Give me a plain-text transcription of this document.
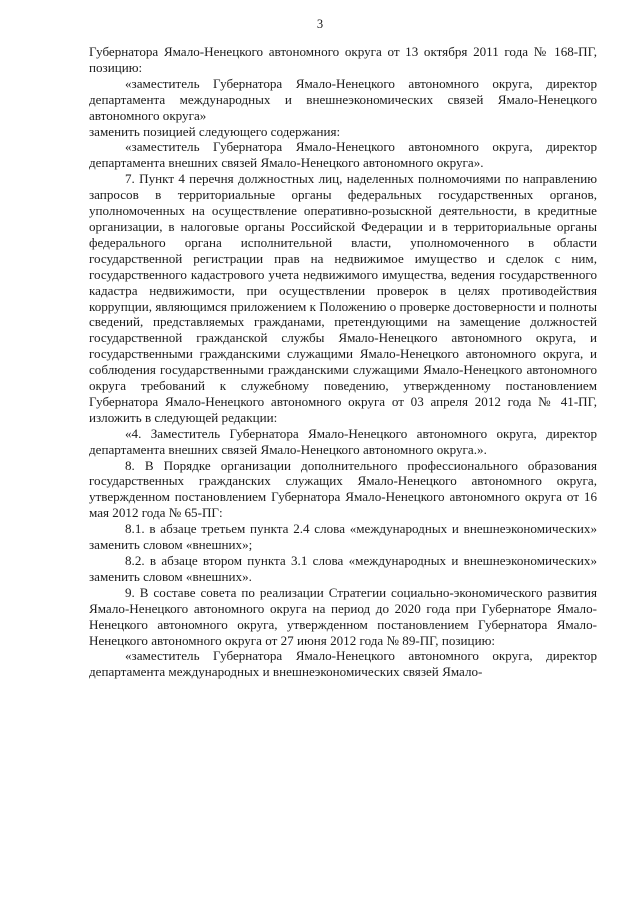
3

Губернатора Ямало-Ненецкого автономного округа от 13 октября 2011 года № 168-ПГ, позицию:

«заместитель Губернатора Ямало-Ненецкого автономного округа, директор департамента международных и внешнеэкономических связей Ямало-Ненецкого автономного округа»

заменить позицией следующего содержания:

«заместитель Губернатора Ямало-Ненецкого автономного округа, директор департамента внешних связей Ямало-Ненецкого автономного округа».

7. Пункт 4 перечня должностных лиц, наделенных полномочиями по направлению запросов в территориальные органы федеральных государственных органов, уполномоченных на осуществление оперативно-розыскной деятельности, в кредитные организации, в налоговые органы Российской Федерации и в территориальные органы федерального органа исполнительной власти, уполномоченного в области государственной регистрации прав на недвижимое имущество и сделок с ним, государственного кадастрового учета недвижимого имущества, ведения государственного кадастра недвижимости, при осуществлении проверок в целях противодействия коррупции, являющимся приложением к Положению о проверке достоверности и полноты сведений, представляемых гражданами, претендующими на замещение должностей государственной гражданской службы Ямало-Ненецкого автономного округа, и государственными гражданскими служащими Ямало-Ненецкого автономного округа, и соблюдения государственными гражданскими служащими Ямало-Ненецкого автономного округа требований к служебному поведению, утвержденному постановлением Губернатора Ямало-Ненецкого автономного округа от 03 апреля 2012 года № 41-ПГ, изложить в следующей редакции:

«4. Заместитель Губернатора Ямало-Ненецкого автономного округа, директор департамента внешних связей Ямало-Ненецкого автономного округа.».

8. В Порядке организации дополнительного профессионального образования государственных гражданских служащих Ямало-Ненецкого автономного округа, утвержденном постановлением Губернатора Ямало-Ненецкого автономного округа от 16 мая 2012 года № 65-ПГ:

8.1. в абзаце третьем пункта 2.4 слова «международных и внешнеэкономических» заменить словом «внешних»;

8.2. в абзаце втором пункта 3.1 слова «международных и внешнеэкономических» заменить словом «внешних».

9. В составе совета по реализации Стратегии социально-экономического развития Ямало-Ненецкого автономного округа на период до 2020 года при Губернаторе Ямало-Ненецкого автономного округа, утвержденном постановлением Губернатора Ямало-Ненецкого автономного округа от 27 июня 2012 года № 89-ПГ, позицию:

«заместитель Губернатора Ямало-Ненецкого автономного округа, директор департамента международных и внешнеэкономических связей Ямало-
